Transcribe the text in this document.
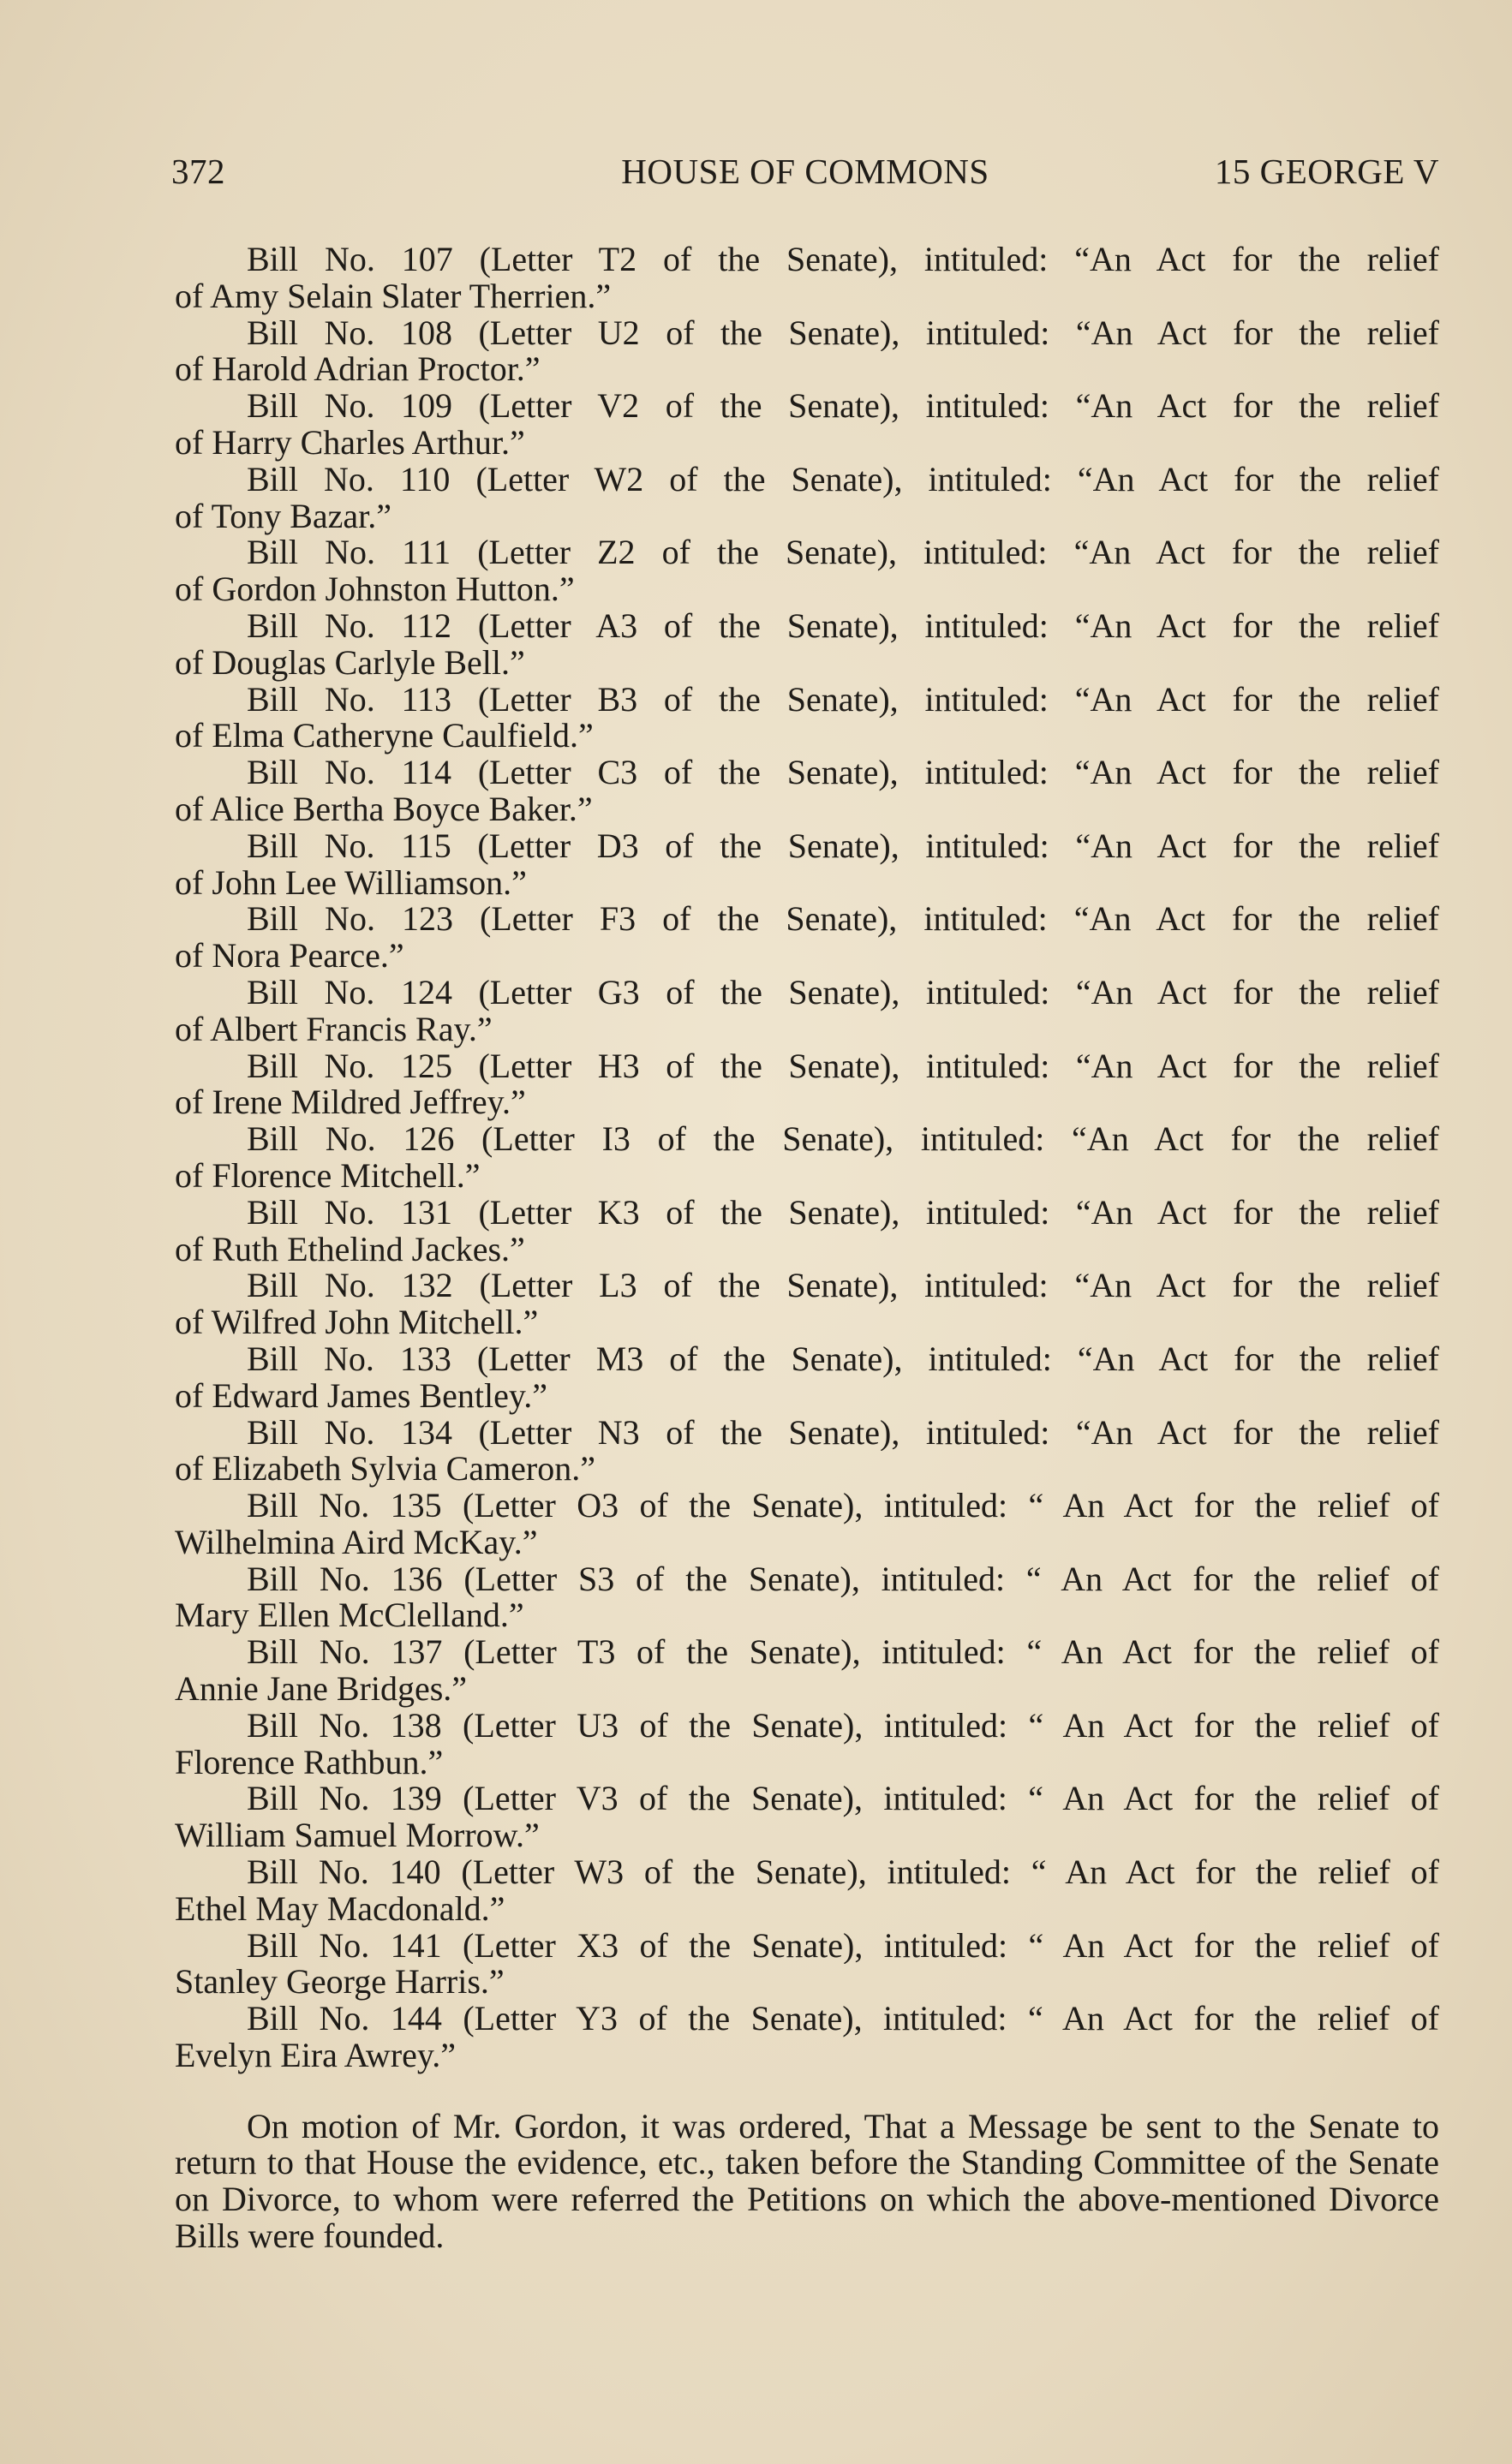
372	HOUSE OF COMMONS	15 GEORGE V

Bill No. 107 (Letter T2 of the Senate), intituled: “An Act for the relief
of Amy Selain Slater Therrien.”

Bill No. 108 (Letter U2 of the Senate), intituled: “An Act for the relief
of Harold Adrian Proctor.”

Bill No. 109 (Letter V2 of the Senate), intituled: “An Act for the relief
of Harry Charles Arthur.”

Bill No. 110 (Letter W2 of the Senate), intituled: “An Act for the relief
of Tony Bazar.”

Bill No. 111 (Letter Z2 of the Senate), intituled: “An Act for the relief
of Gordon Johnston Hutton.”

Bill No. 112 (Letter A3 of the Senate), intituled: “An Act for the relief
of Douglas Carlyle Bell.”

Bill No. 113 (Letter B3 of the Senate), intituled: “An Act for the relief
of Elma Catheryne Caulfield.”

Bill No. 114 (Letter C3 of the Senate), intituled: “An Act for the relief
of Alice Bertha Boyce Baker.”

Bill No. 115 (Letter D3 of the Senate), intituled: “An Act for the relief
of John Lee Williamson.”

Bill No. 123 (Letter F3 of the Senate), intituled: “An Act for the relief
of Nora Pearce.”

Bill No. 124 (Letter G3 of the Senate), intituled: “An Act for the relief
of Albert Francis Ray.”

Bill No. 125 (Letter H3 of the Senate), intituled: “An Act for the relief
of Irene Mildred Jeffrey.”

Bill No. 126 (Letter I3 of the Senate), intituled: “An Act for the relief
of Florence Mitchell.”

Bill No. 131 (Letter K3 of the Senate), intituled: “An Act for the relief
of Ruth Ethelind Jackes.”

Bill No. 132 (Letter L3 of the Senate), intituled: “An Act for the relief
of Wilfred John Mitchell.”

Bill No. 133 (Letter M3 of the Senate), intituled: “An Act for the relief
of Edward James Bentley.”

Bill No. 134 (Letter N3 of the Senate), intituled: “An Act for the relief
of Elizabeth Sylvia Cameron.”

Bill No. 135 (Letter O3 of the Senate), intituled: “ An Act for the relief of
Wilhelmina Aird McKay.”

Bill No. 136 (Letter S3 of the Senate), intituled: “ An Act for the relief of
Mary Ellen McClelland.”

Bill No. 137 (Letter T3 of the Senate), intituled: “ An Act for the relief of
Annie Jane Bridges.”

Bill No. 138 (Letter U3 of the Senate), intituled: “ An Act for the relief of
Florence Rathbun.”

Bill No. 139 (Letter V3 of the Senate), intituled: “ An Act for the relief of
William Samuel Morrow.”

Bill No. 140 (Letter W3 of the Senate), intituled: “ An Act for the relief of
Ethel May Macdonald.”

Bill No. 141 (Letter X3 of the Senate), intituled: “ An Act for the relief of
Stanley George Harris.”

Bill No. 144 (Letter Y3 of the Senate), intituled: “ An Act for the relief of
Evelyn Eira Awrey.”

On motion of Mr. Gordon, it was ordered, That a Message be sent to the Senate to return to that House the evidence, etc., taken before the Standing Committee of the Senate on Divorce, to whom were referred the Petitions on which the above-mentioned Divorce Bills were founded.
